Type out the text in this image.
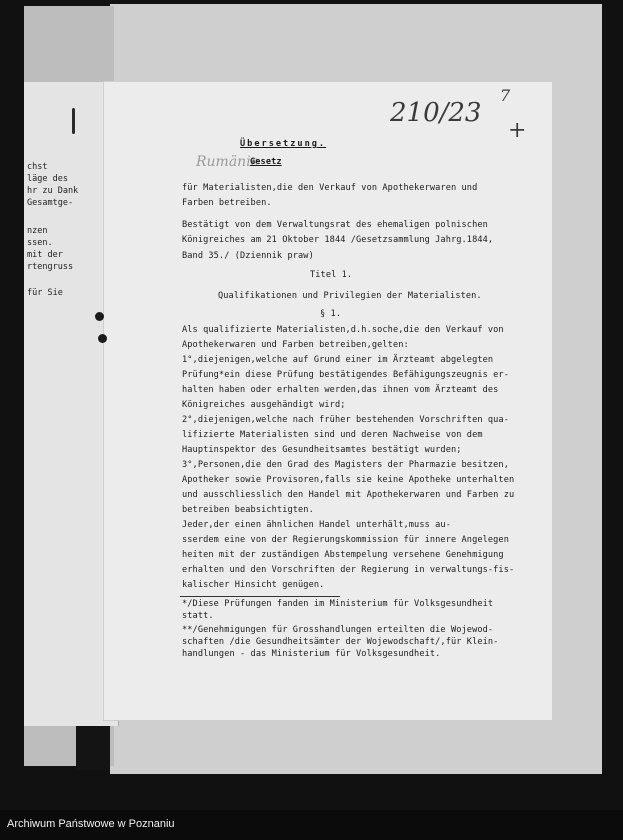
chst
läge des
hr zu Dank
Gesamtge-
nzen
ssen.
mit der
rtengruss
für Sie
210/23
7
+
Rumänie
Übersetzung.
Gesetz
für Materialisten,die den Verkauf von Apothekerwaren und
Farben betreiben.
Bestätigt von dem Verwaltungsrat des ehemaligen polnischen
Königreiches am 21 Oktober 1844 /Gesetzsammlung Jahrg.1844,
Band 35./ (Dziennik praw)
Titel 1.
Qualifikationen und Privilegien der Materialisten.
§ 1.
Als qualifizierte Materialisten,d.h.soche,die den Verkauf von
Apothekerwaren und Farben betreiben,gelten:
1°,diejenigen,welche auf Grund einer im Ärzteamt abgelegten
Prüfung*ein diese Prüfung bestätigendes Befähigungszeugnis er-
halten haben oder erhalten werden,das ihnen vom Ärzteamt des
Königreiches ausgehändigt wird;
2°,diejenigen,welche nach früher bestehenden Vorschriften qua-
lifizierte Materialisten sind und deren Nachweise von dem
Hauptinspektor des Gesundheitsamtes bestätigt wurden;
3°,Personen,die den Grad des Magisters der Pharmazie besitzen,
Apotheker sowie Provisoren,falls sie keine Apotheke unterhalten
und ausschliesslich den Handel mit Apothekerwaren und Farben zu
betreiben beabsichtigten.
Jeder,der einen ähnlichen Handel unterhält,muss au-
sserdem eine von der Regierungskommission für innere Angelegen
heiten mit der zuständigen Abstempelung versehene Genehmigung
erhalten und den Vorschriften der Regierung in verwaltungs-fis-
kalischer Hinsicht genügen.
*/Diese Prüfungen fanden im Ministerium für Volksgesundheit
statt.
**/Genehmigungen für Grosshandlungen erteilten die Wojewod-
schaften /die Gesundheitsämter der Wojewodschaft/,für Klein-
handlungen - das Ministerium für Volksgesundheit.
Archiwum Państwowe w Poznaniu
